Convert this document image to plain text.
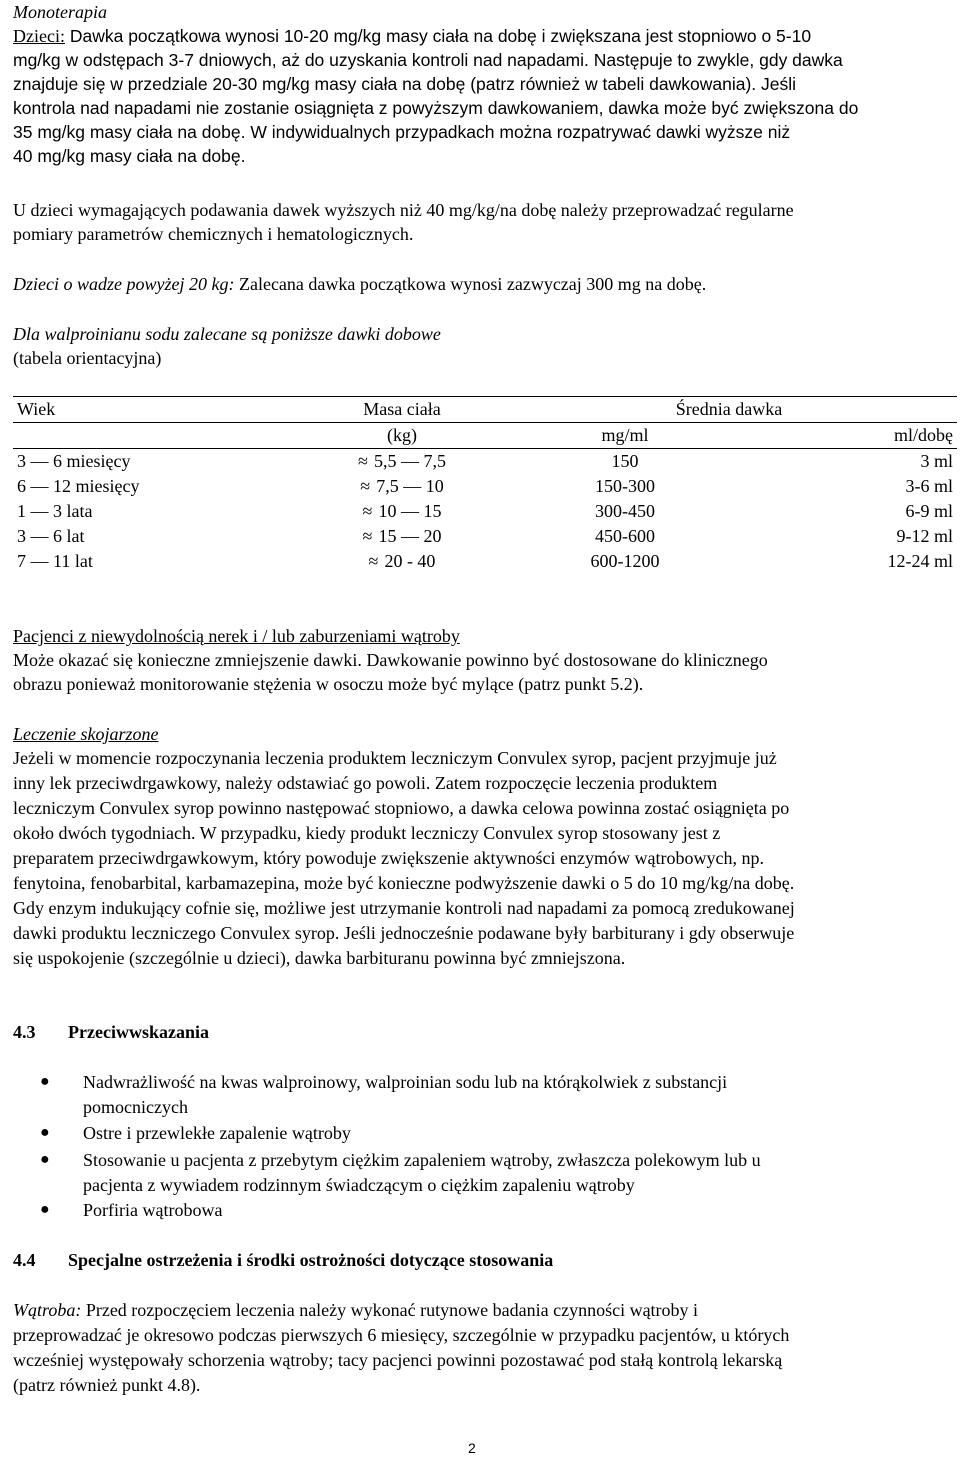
Monoterapia
Dzieci: Dawka początkowa wynosi 10-20 mg/kg masy ciała na dobę i zwiększana jest stopniowo o 5-10
mg/kg w odstępach 3-7 dniowych, aż do uzyskania kontroli nad napadami. Następuje to zwykle, gdy dawka
znajduje się w przedziale 20-30 mg/kg masy ciała na dobę (patrz również w tabeli dawkowania). Jeśli
kontrola nad napadami nie zostanie osiągnięta z powyższym dawkowaniem, dawka może być zwiększona do
35 mg/kg masy ciała na dobę. W indywidualnych przypadkach można rozpatrywać dawki wyższe niż
40 mg/kg masy ciała na dobę.
U dzieci wymagających podawania dawek wyższych niż 40 mg/kg/na dobę należy przeprowadzać regularne
pomiary parametrów chemicznych i hematologicznych.
Dzieci o wadze powyżej 20 kg: Zalecana dawka początkowa wynosi zazwyczaj 300 mg na dobę.
Dla walproinianu sodu zalecane są poniższe dawki dobowe
(tabela orientacyjna)
Wiek	Masa ciała	Średnia dawka	
	(kg)	mg/ml	ml/dobę
3 — 6 miesięcy	≈ 5,5 — 7,5	150	3 ml
6 — 12 miesięcy	≈ 7,5 — 10	150-300	3-6 ml
1 — 3 lata	≈ 10 — 15	300-450	6-9 ml
3 — 6 lat	≈ 15 — 20	450-600	9-12 ml
7 — 11 lat	≈ 20 - 40	600-1200	12-24 ml
Pacjenci z niewydolnością nerek i / lub zaburzeniami wątroby
Może okazać się konieczne zmniejszenie dawki. Dawkowanie powinno być dostosowane do klinicznego
obrazu ponieważ monitorowanie stężenia w osoczu może być mylące (patrz punkt 5.2).
Leczenie skojarzone
Jeżeli w momencie rozpoczynania leczenia produktem leczniczym Convulex syrop, pacjent przyjmuje już
inny lek przeciwdrgawkowy, należy odstawiać go powoli. Zatem rozpoczęcie leczenia produktem
leczniczym Convulex syrop powinno następować stopniowo, a dawka celowa powinna zostać osiągnięta po
około dwóch tygodniach. W przypadku, kiedy produkt leczniczy Convulex syrop stosowany jest z
preparatem przeciwdrgawkowym, który powoduje zwiększenie aktywności enzymów wątrobowych, np.
fenytoina, fenobarbital, karbamazepina, może być konieczne podwyższenie dawki o 5 do 10 mg/kg/na dobę.
Gdy enzym indukujący cofnie się, możliwe jest utrzymanie kontroli nad napadami za pomocą zredukowanej
dawki produktu leczniczego Convulex syrop. Jeśli jednocześnie podawane były barbiturany i gdy obserwuje
się uspokojenie (szczególnie u dzieci), dawka barbituranu powinna być zmniejszona.
4.3 Przeciwwskazania
● Nadwrażliwość na kwas walproinowy, walproinian sodu lub na którąkolwiek z substancji
pomocniczych
● Ostre i przewlekłe zapalenie wątroby
● Stosowanie u pacjenta z przebytym ciężkim zapaleniem wątroby, zwłaszcza polekowym lub u
pacjenta z wywiadem rodzinnym świadczącym o ciężkim zapaleniu wątroby
● Porfiria wątrobowa
4.4 Specjalne ostrzeżenia i środki ostrożności dotyczące stosowania
Wątroba: Przed rozpoczęciem leczenia należy wykonać rutynowe badania czynności wątroby i
przeprowadzać je okresowo podczas pierwszych 6 miesięcy, szczególnie w przypadku pacjentów, u których
wcześniej występowały schorzenia wątroby; tacy pacjenci powinni pozostawać pod stałą kontrolą lekarską
(patrz również punkt 4.8).
2
